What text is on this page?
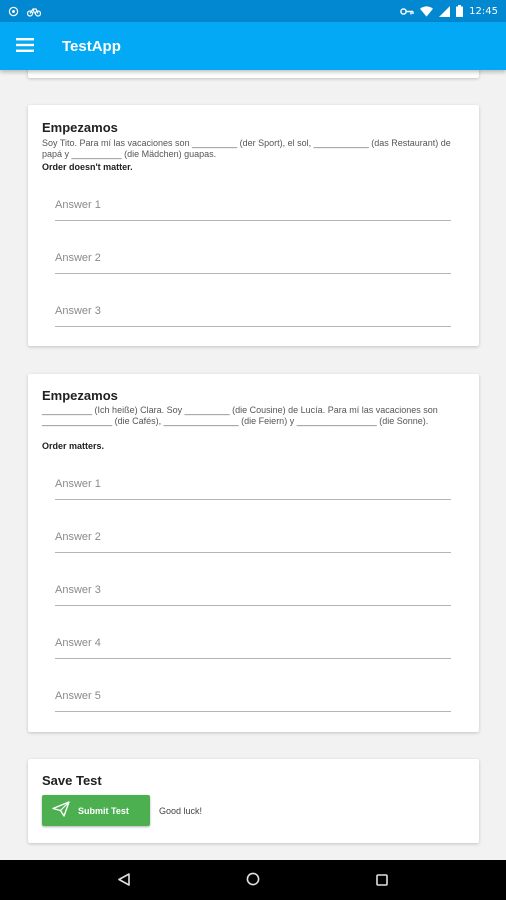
12:45
TestApp
Empezamos
Soy Tito. Para mí las vacaciones son _________ (der Sport), el sol, ___________ (das Restaurant) de papá y __________ (die Mädchen) guapas.
Order doesn't matter.
Answer 1
Answer 2
Answer 3
Empezamos
__________ (Ich heiße) Clara. Soy _________ (die Cousine) de Lucía. Para mí las vacaciones son ______________ (die Cafés), _______________ (die Feiern) y ________________ (die Sonne).
Order matters.
Answer 1
Answer 2
Answer 3
Answer 4
Answer 5
Save Test
Submit Test	Good luck!
